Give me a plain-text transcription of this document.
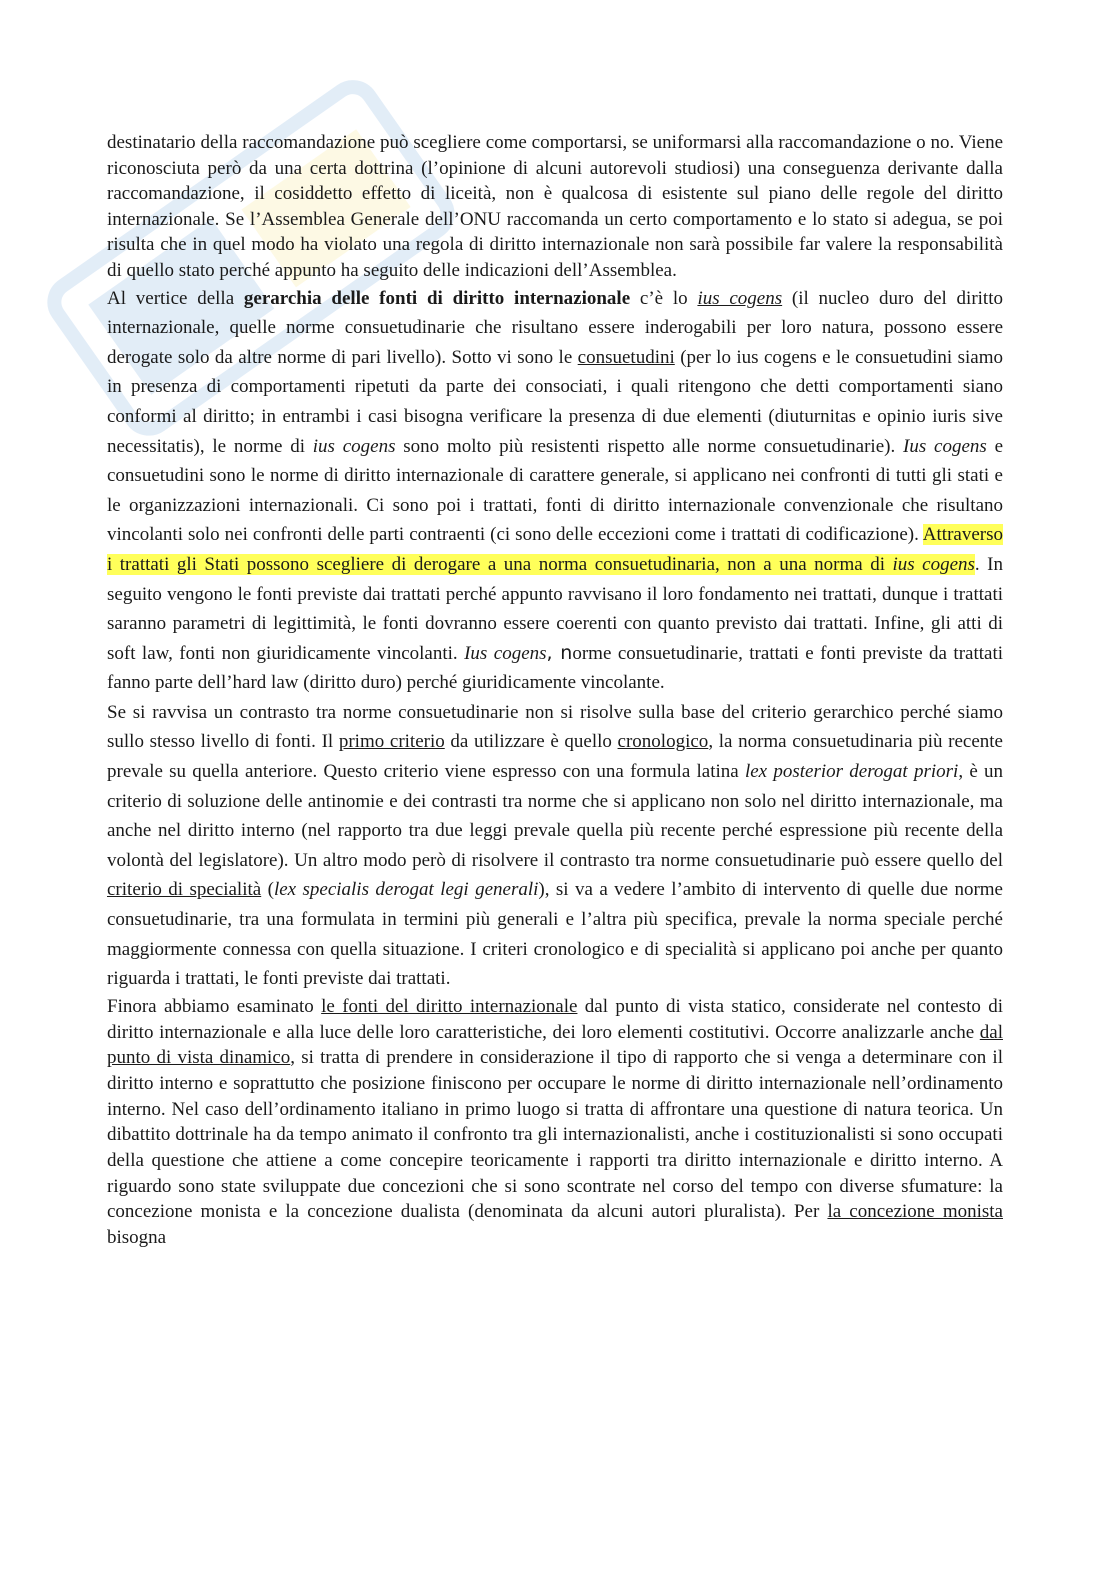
destinatario della raccomandazione può scegliere come comportarsi, se uniformarsi alla raccomandazione o no. Viene riconosciuta però da una certa dottrina (l’opinione di alcuni autorevoli studiosi) una conseguenza derivante dalla raccomandazione, il cosiddetto effetto di liceità, non è qualcosa di esistente sul piano delle regole del diritto internazionale. Se l’Assemblea Generale dell’ONU raccomanda un certo comportamento e lo stato si adegua, se poi risulta che in quel modo ha violato una regola di diritto internazionale non sarà possibile far valere la responsabilità di quello stato perché appunto ha seguito delle indicazioni dell’Assemblea.

Al vertice della gerarchia delle fonti di diritto internazionale c’è lo ius cogens (il nucleo duro del diritto internazionale, quelle norme consuetudinarie che risultano essere inderogabili per loro natura, possono essere derogate solo da altre norme di pari livello). Sotto vi sono le consuetudini (per lo ius cogens e le consuetudini siamo in presenza di comportamenti ripetuti da parte dei consociati, i quali ritengono che detti comportamenti siano conformi al diritto; in entrambi i casi bisogna verificare la presenza di due elementi (diuturnitas e opinio iuris sive necessitatis), le norme di ius cogens sono molto più resistenti rispetto alle norme consuetudinarie). Ius cogens e consuetudini sono le norme di diritto internazionale di carattere generale, si applicano nei confronti di tutti gli stati e le organizzazioni internazionali. Ci sono poi i trattati, fonti di diritto internazionale convenzionale che risultano vincolanti solo nei confronti delle parti contraenti (ci sono delle eccezioni come i trattati di codificazione). Attraverso i trattati gli Stati possono scegliere di derogare a una norma consuetudinaria, non a una norma di ius cogens. In seguito vengono le fonti previste dai trattati perché appunto ravvisano il loro fondamento nei trattati, dunque i trattati saranno parametri di legittimità, le fonti dovranno essere coerenti con quanto previsto dai trattati. Infine, gli atti di soft law, fonti non giuridicamente vincolanti. Ius cogens, norme consuetudinarie, trattati e fonti previste da trattati fanno parte dell’hard law (diritto duro) perché giuridicamente vincolante.

Se si ravvisa un contrasto tra norme consuetudinarie non si risolve sulla base del criterio gerarchico perché siamo sullo stesso livello di fonti. Il primo criterio da utilizzare è quello cronologico, la norma consuetudinaria più recente prevale su quella anteriore. Questo criterio viene espresso con una formula latina lex posterior derogat priori, è un criterio di soluzione delle antinomie e dei contrasti tra norme che si applicano non solo nel diritto internazionale, ma anche nel diritto interno (nel rapporto tra due leggi prevale quella più recente perché espressione più recente della volontà del legislatore). Un altro modo però di risolvere il contrasto tra norme consuetudinarie può essere quello del criterio di specialità (lex specialis derogat legi generali), si va a vedere l’ambito di intervento di quelle due norme consuetudinarie, tra una formulata in termini più generali e l’altra più specifica, prevale la norma speciale perché maggiormente connessa con quella situazione. I criteri cronologico e di specialità si applicano poi anche per quanto riguarda i trattati, le fonti previste dai trattati.

Finora abbiamo esaminato le fonti del diritto internazionale dal punto di vista statico, considerate nel contesto di diritto internazionale e alla luce delle loro caratteristiche, dei loro elementi costitutivi. Occorre analizzarle anche dal punto di vista dinamico, si tratta di prendere in considerazione il tipo di rapporto che si venga a determinare con il diritto interno e soprattutto che posizione finiscono per occupare le norme di diritto internazionale nell’ordinamento interno. Nel caso dell’ordinamento italiano in primo luogo si tratta di affrontare una questione di natura teorica. Un dibattito dottrinale ha da tempo animato il confronto tra gli internazionalisti, anche i costituzionalisti si sono occupati della questione che attiene a come concepire teoricamente i rapporti tra diritto internazionale e diritto interno. A riguardo sono state sviluppate due concezioni che si sono scontrate nel corso del tempo con diverse sfumature: la concezione monista e la concezione dualista (denominata da alcuni autori pluralista). Per la concezione monista bisogna
